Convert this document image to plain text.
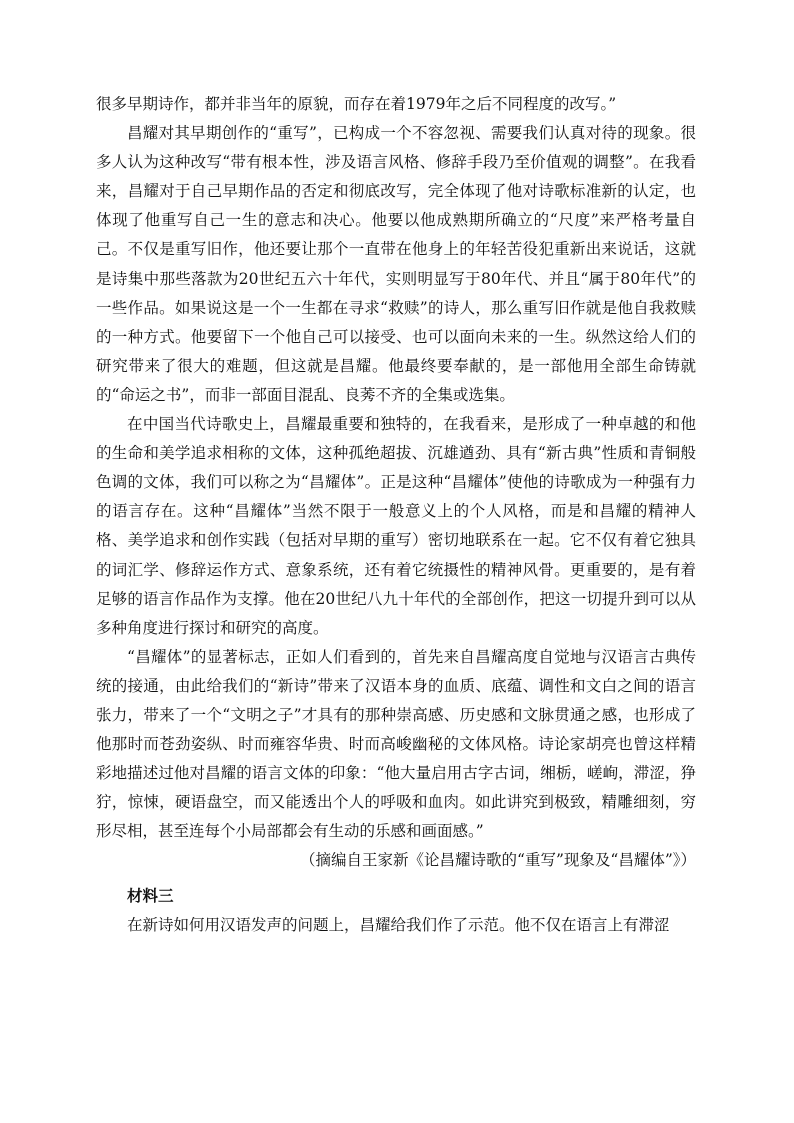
很多早期诗作，都并非当年的原貌，而存在着1979年之后不同程度的改写。”

昌耀对其早期创作的“重写”，已构成一个不容忽视、需要我们认真对待的现象。很多人认为这种改写“带有根本性，涉及语言风格、修辞手段乃至价值观的调整”。在我看来，昌耀对于自己早期作品的否定和彻底改写，完全体现了他对诗歌标准新的认定，也体现了他重写自己一生的意志和决心。他要以他成熟期所确立的“尺度”来严格考量自己。不仅是重写旧作，他还要让那个一直带在他身上的年轻苦役犯重新出来说话，这就是诗集中那些落款为20世纪五六十年代，实则明显写于80年代、并且“属于80年代”的一些作品。如果说这是一个一生都在寻求“救赎”的诗人，那么重写旧作就是他自我救赎的一种方式。他要留下一个他自己可以接受、也可以面向未来的一生。纵然这给人们的研究带来了很大的难题，但这就是昌耀。他最终要奉献的，是一部他用全部生命铸就的“命运之书”，而非一部面目混乱、良莠不齐的全集或选集。

在中国当代诗歌史上，昌耀最重要和独特的，在我看来，是形成了一种卓越的和他的生命和美学追求相称的文体，这种孤绝超拔、沉雄遒劲、具有“新古典”性质和青铜般色调的文体，我们可以称之为“昌耀体”。正是这种“昌耀体”使他的诗歌成为一种强有力的语言存在。这种“昌耀体”当然不限于一般意义上的个人风格，而是和昌耀的精神人格、美学追求和创作实践（包括对早期的重写）密切地联系在一起。它不仅有着它独具的词汇学、修辞运作方式、意象系统，还有着它统摄性的精神风骨。更重要的，是有着足够的语言作品作为支撑。他在20世纪八九十年代的全部创作，把这一切提升到可以从多种角度进行探讨和研究的高度。

“昌耀体”的显著标志，正如人们看到的，首先来自昌耀高度自觉地与汉语言古典传统的接通，由此给我们的“新诗”带来了汉语本身的血质、底蕴、调性和文白之间的语言张力，带来了一个“文明之子”才具有的那种崇高感、历史感和文脉贯通之感，也形成了他那时而苍劲姿纵、时而雍容华贵、时而高峻幽秘的文体风格。诗论家胡亮也曾这样精彩地描述过他对昌耀的语言文体的印象：“他大量启用古字古词，缃栃，嵯峋，滞涩，狰狞，惊悚，硬语盘空，而又能透出个人的呼吸和血肉。如此讲究到极致，精雕细刻，穷形尽相，甚至连每个小局部都会有生动的乐感和画面感。”

（摘编自王家新《论昌耀诗歌的“重写”现象及“昌耀体”》）

材料三

在新诗如何用汉语发声的问题上，昌耀给我们作了示范。他不仅在语言上有滞涩
